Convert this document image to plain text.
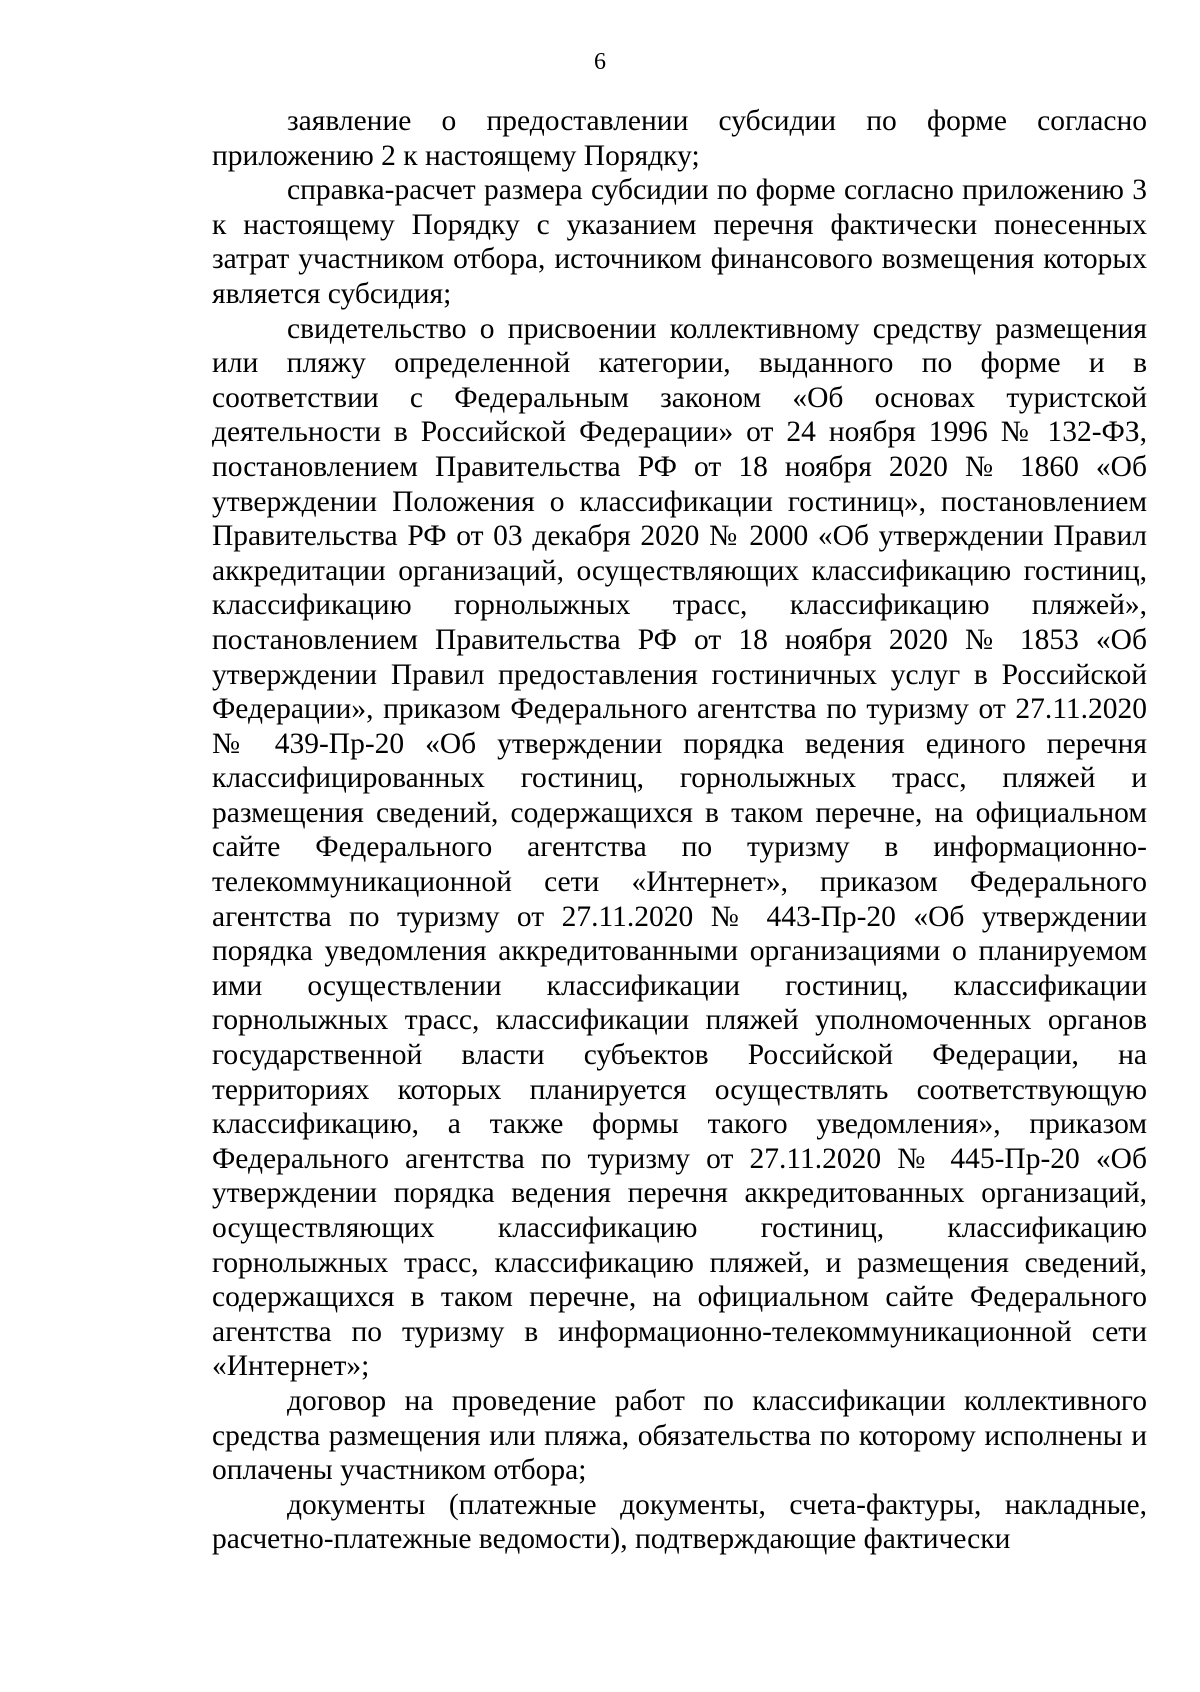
6

заявление о предоставлении субсидии по форме согласно приложению 2 к настоящему Порядку;

справка-расчет размера субсидии по форме согласно приложению 3 к настоящему Порядку с указанием перечня фактически понесенных затрат участником отбора, источником финансового возмещения которых является субсидия;

свидетельство о присвоении коллективному средству размещения или пляжу определенной категории, выданного по форме и в соответствии с Федеральным законом «Об основах туристской деятельности в Российской Федерации» от 24 ноября 1996 № 132-ФЗ, постановлением Правительства РФ от 18 ноября 2020 № 1860 «Об утверждении Положения о классификации гостиниц», постановлением Правительства РФ от 03 декабря 2020 № 2000 «Об утверждении Правил аккредитации организаций, осуществляющих классификацию гостиниц, классификацию горнолыжных трасс, классификацию пляжей», постановлением Правительства РФ от 18 ноября 2020 № 1853 «Об утверждении Правил предоставления гостиничных услуг в Российской Федерации», приказом Федерального агентства по туризму от 27.11.2020 № 439-Пр-20 «Об утверждении порядка ведения единого перечня классифицированных гостиниц, горнолыжных трасс, пляжей и размещения сведений, содержащихся в таком перечне, на официальном сайте Федерального агентства по туризму в информационно-телекоммуникационной сети «Интернет», приказом Федерального агентства по туризму от 27.11.2020 № 443-Пр-20 «Об утверждении порядка уведомления аккредитованными организациями о планируемом ими осуществлении классификации гостиниц, классификации горнолыжных трасс, классификации пляжей уполномоченных органов государственной власти субъектов Российской Федерации, на территориях которых планируется осуществлять соответствующую классификацию, а также формы такого уведомления», приказом Федерального агентства по туризму от 27.11.2020 № 445-Пр-20 «Об утверждении порядка ведения перечня аккредитованных организаций, осуществляющих классификацию гостиниц, классификацию горнолыжных трасс, классификацию пляжей, и размещения сведений, содержащихся в таком перечне, на официальном сайте Федерального агентства по туризму в информационно-телекоммуникационной сети «Интернет»;

договор на проведение работ по классификации коллективного средства размещения или пляжа, обязательства по которому исполнены и оплачены участником отбора;

документы (платежные документы, счета-фактуры, накладные, расчетно-платежные ведомости), подтверждающие фактически
